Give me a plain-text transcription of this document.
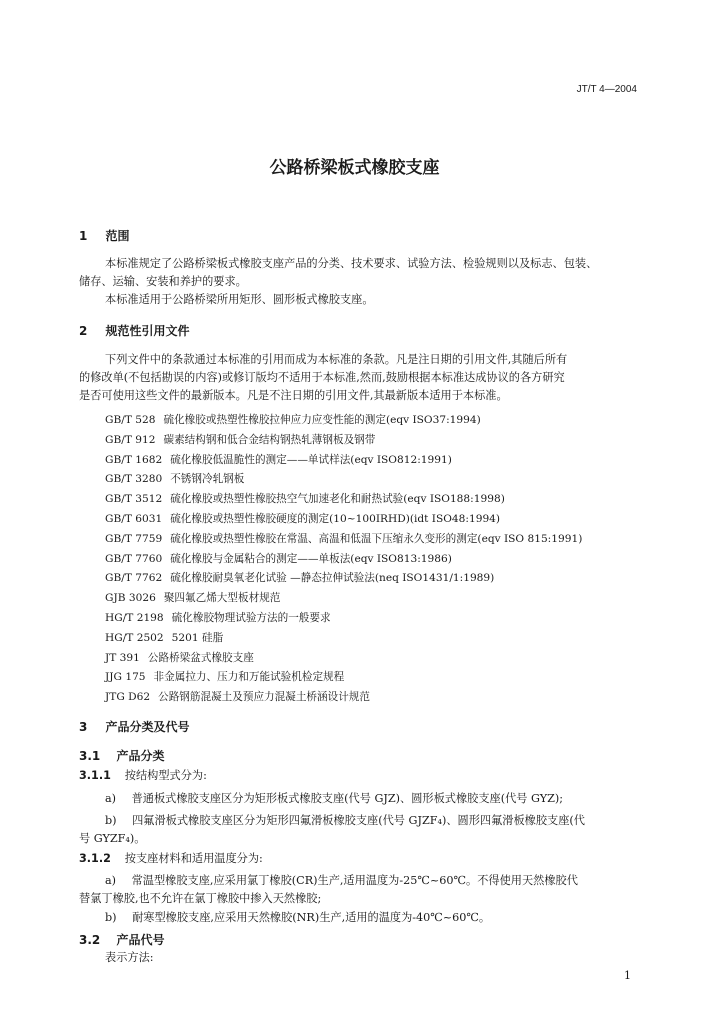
JT/T 4—2004
公路桥梁板式橡胶支座
1 范围
本标准规定了公路桥梁板式橡胶支座产品的分类、技术要求、试验方法、检验规则以及标志、包装、
储存、运输、安装和养护的要求。
本标准适用于公路桥梁所用矩形、圆形板式橡胶支座。
2 规范性引用文件
下列文件中的条款通过本标准的引用而成为本标准的条款。凡是注日期的引用文件,其随后所有
的修改单(不包括勘误的内容)或修订版均不适用于本标准,然而,鼓励根据本标准达成协议的各方研究
是否可使用这些文件的最新版本。凡是不注日期的引用文件,其最新版本适用于本标准。
GB/T 528 硫化橡胶或热塑性橡胶拉伸应力应变性能的测定(eqv ISO37:1994)
GB/T 912 碳素结构钢和低合金结构钢热轧薄钢板及钢带
GB/T 1682 硫化橡胶低温脆性的测定——单试样法(eqv ISO812:1991)
GB/T 3280 不锈钢冷轧钢板
GB/T 3512 硫化橡胶或热塑性橡胶热空气加速老化和耐热试验(eqv ISO188:1998)
GB/T 6031 硫化橡胶或热塑性橡胶硬度的测定(10~100IRHD)(idt ISO48:1994)
GB/T 7759 硫化橡胶或热塑性橡胶在常温、高温和低温下压缩永久变形的测定(eqv ISO 815:1991)
GB/T 7760 硫化橡胶与金属粘合的测定——单板法(eqv ISO813:1986)
GB/T 7762 硫化橡胶耐臭氧老化试验 —静态拉伸试验法(neq ISO1431/1:1989)
GJB 3026 聚四氟乙烯大型板材规范
HG/T 2198 硫化橡胶物理试验方法的一般要求
HG/T 2502 5201 硅脂
JT 391 公路桥梁盆式橡胶支座
JJG 175 非金属拉力、压力和万能试验机检定规程
JTG D62 公路钢筋混凝土及预应力混凝土桥涵设计规范
3 产品分类及代号
3.1 产品分类
3.1.1 按结构型式分为:
a) 普通板式橡胶支座区分为矩形板式橡胶支座(代号 GJZ)、圆形板式橡胶支座(代号 GYZ);
b) 四氟滑板式橡胶支座区分为矩形四氟滑板橡胶支座(代号 GJZF₄)、圆形四氟滑板橡胶支座(代
号 GYZF₄)。
3.1.2 按支座材料和适用温度分为:
a) 常温型橡胶支座,应采用氯丁橡胶(CR)生产,适用温度为-25℃~60℃。不得使用天然橡胶代
替氯丁橡胶,也不允许在氯丁橡胶中掺入天然橡胶;
b) 耐寒型橡胶支座,应采用天然橡胶(NR)生产,适用的温度为-40℃~60℃。
3.2 产品代号
表示方法:
1
